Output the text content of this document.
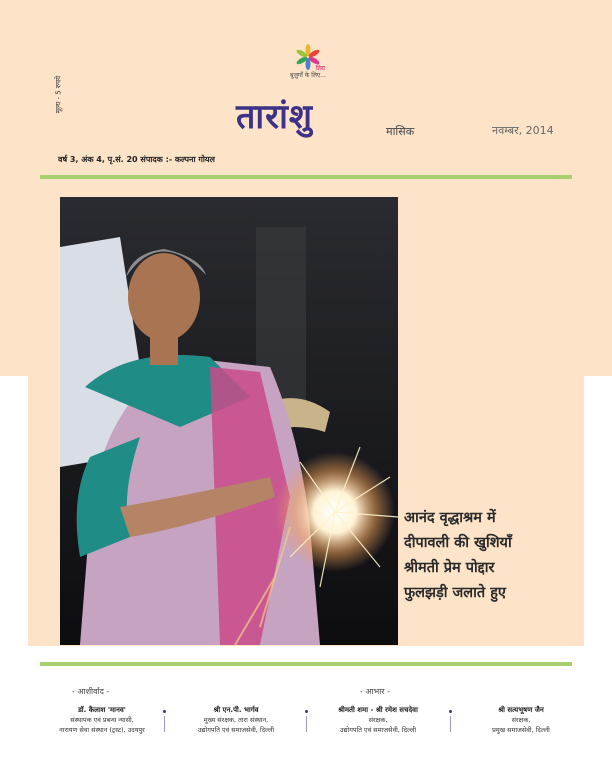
मूल्य - 5 रुपये
तिरा
बुज़ुर्गों के लिए...
तारांशु	मासिक	नवम्बर, 2014
वर्ष 3, अंक 4, पृ.सं. 20 संपादक :- कल्पना गोयल
आनंद वृद्धाश्रम में
दीपावली की खुशियाँ
श्रीमती प्रेम पोद्दार
फुलझड़ी जलाते हुए
- आशीर्वाद -	- आभार -
डॉ. कैलाश 'मानव'
संस्थापक एवं प्रबन्ध न्यासी,
नारायण सेवा संस्थान (ट्रस्ट), उदयपुर
श्री एन.पी. भार्गव
मुख्य संरक्षक, तारा संस्थान,
उद्योगपति एवं समाजसेवी, दिल्ली
श्रीमती शमा - श्री रमेश सचदेवा
संरक्षक,
उद्योगपति एवं समाजसेवी, दिल्ली
श्री सत्यभूषण जैन
संरक्षक,
प्रमुख समाजसेवी, दिल्ली
